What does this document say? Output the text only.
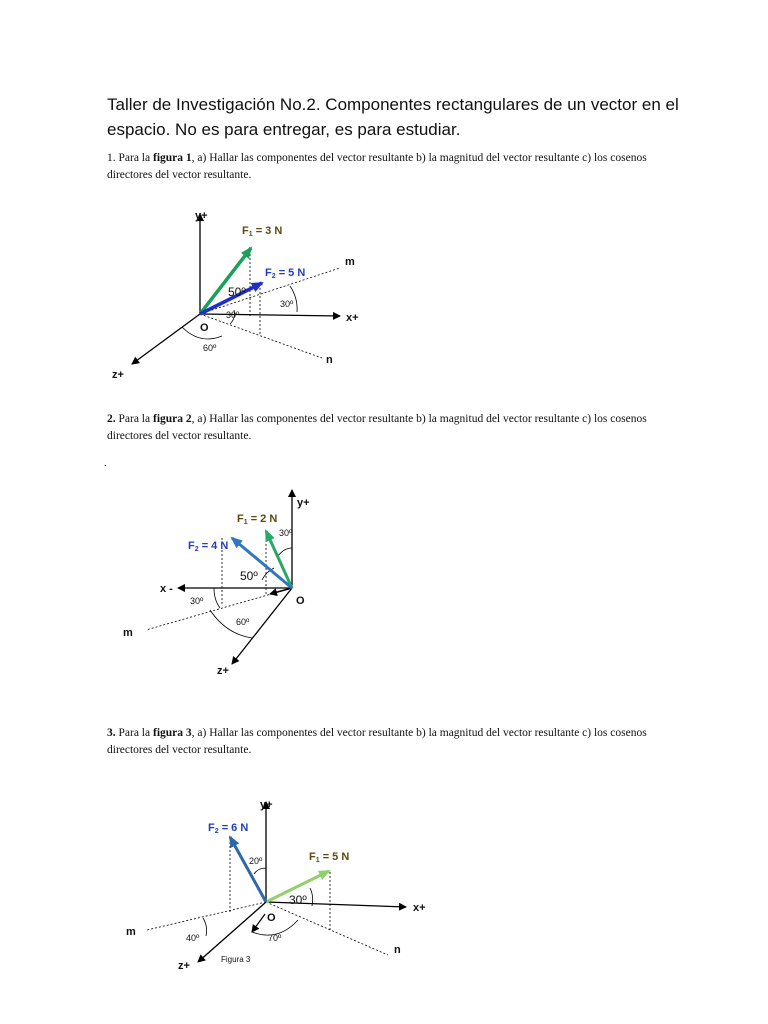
Taller de Investigación No.2. Componentes rectangulares de un vector en el espacio. No es para entregar, es para estudiar.
1. Para la figura 1, a) Hallar las componentes del vector resultante b) la magnitud del vector resultante c) los cosenos directores del vector resultante.
2. Para la figura 2, a) Hallar las componentes del vector resultante b) la magnitud del vector resultante c) los cosenos directores del vector resultante.
.
3. Para la figura 3, a) Hallar las componentes del vector resultante b) la magnitud del vector resultante c) los cosenos directores del vector resultante.
y+
x+
z+
O
m
n
F1 = 3 N
F2 = 5 N
50º
30º
30º
60º
y+
x -
z+
O
m
F1 = 2 N
F2 = 4 N
30º
50º
30º
60º
y+
x+
z+
O
m
n
F1 = 5 N
F2 = 6 N
20º
30º
40º	70º
Figura 3
